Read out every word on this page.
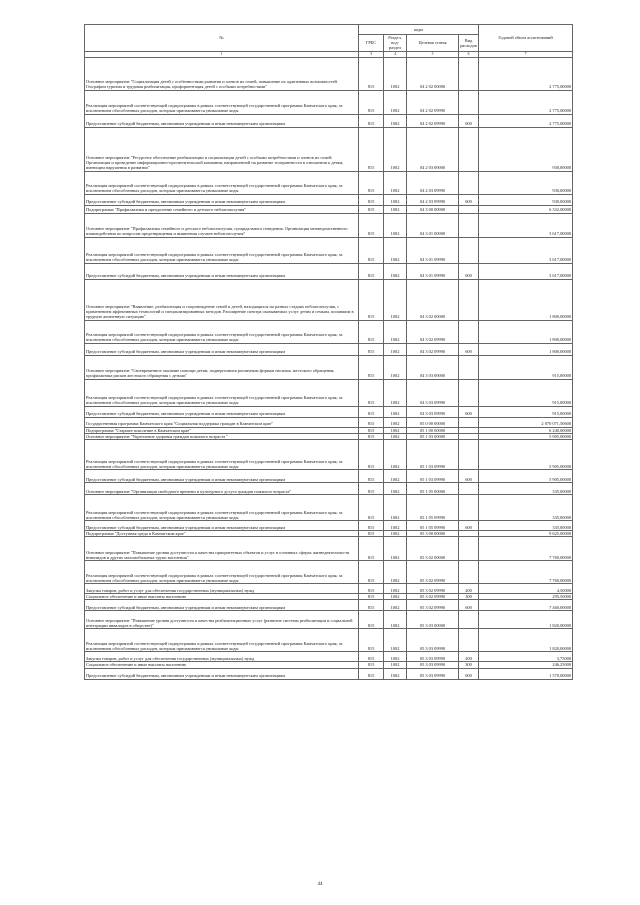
№	коды				Годовой объем ассигнований
	ГРБС	Раздел, под-раздел	Целевая статья	Вид расходов	
1	3	4	5	6	7
Основное мероприятие "Социализация детей с особенностями развития и членов их семей, повышение их адаптивных возможностей. Географии туризма и трудовая реабилитация, профориентация детей с особыми потребностями"	815	1002	04 2 02 00000		2 775,00000
Реализация мероприятий соответствующей подпрограммы в рамках соответствующей государственной программы Камчатского края, за исключением обособленных расходов, которым присваиваются уникальные коды	815	1002	04 2 02 09990		2 775,00000
Предоставление субсидий бюджетным, автономным учреждениям и иным некоммерческим организациям	815	1002	04 2 02 09990	600	2 775,00000
Основное мероприятие "Ресурсное обеспечение реабилитации и социализации детей с особыми потребностями и членов их семей. Организация и проведение информационно-просветительской кампании, направленной на развитие толерантности в отношении к детям, имеющим нарушения в развитии"	815	1002	04 2 03 00000		930,00000
Реализация мероприятий соответствующей подпрограммы в рамках соответствующей государственной программы Камчатского края, за исключением обособленных расходов, которым присваиваются уникальные коды	815	1002	04 2 03 09990		930,00000
Предоставление субсидий бюджетным, автономным учреждениям и иным некоммерческим организациям	815	1002	04 2 03 09990	600	930,00000
Подпрограмма "Профилактика и преодоление семейного и детского неблагополучия"	815	1002	04 3 00 00000		6 332,00000
Основное мероприятие "Профилактика семейного и детского неблагополучия, суицидального поведения. Организация межведомственного взаимодействия по вопросам предотвращения и выявления случаев неблагополучия"	815	1002	04 3 01 00000		3 617,00000
Реализация мероприятий соответствующей подпрограммы в рамках соответствующей государственной программы Камчатского края, за исключением обособленных расходов, которым присваиваются уникальные коды	815	1002	04 3 01 09990		3 617,00000
Предоставление субсидий бюджетным, автономным учреждениям и иным некоммерческим организациям	815	1002	04 3 01 09990	600	3 617,00000
Основное мероприятие "Выявление, реабилитация и сопровождение семей и детей, находящихся на разных стадиях неблагополучия, с применением эффективных технологий и специализированных методов. Расширение спектра оказываемых услуг детям и семьям, попавшим в трудную жизненную ситуацию"	815	1002	04 3 02 00000		1 800,00000
Реализация мероприятий соответствующей подпрограммы в рамках соответствующей государственной программы Камчатского края, за исключением обособленных расходов, которым присваиваются уникальные коды	815	1002	04 3 02 09990		1 800,00000
Предоставление субсидий бюджетным, автономным учреждениям и иным некоммерческим организациям	815	1002	04 3 02 09990	600	1 800,00000
Основное мероприятие "Своевременное оказание помощи детям, подвергшимся различным формам насилия, жестокого обращения, профилактика рисков жестокого обращения с детьми"	815	1002	04 3 03 00000		915,00000
Реализация мероприятий соответствующей подпрограммы в рамках соответствующей государственной программы Камчатского края, за исключением обособленных расходов, которым присваиваются уникальные коды	815	1002	04 3 03 09990		915,00000
Предоставление субсидий бюджетным, автономным учреждениям и иным некоммерческим организациям	815	1002	04 3 03 09990	600	915,00000
Государственная программа Камчатского края "Социальная поддержка граждан в Камчатском крае"	815	1002	05 0 00 00000		2 070 071,50600
Подпрограмма "Старшее поколение в Камчатском крае"	815	1002	05 1 00 00000		6 240,00000
Основное мероприятие "Укрепление здоровья граждан пожилого возраста "	815	1002	05 1 03 00000		5 905,00000
Реализация мероприятий соответствующей подпрограммы в рамках соответствующей государственной программы Камчатского края, за исключением обособленных расходов, которым присваиваются уникальные коды	815	1002	05 1 03 09990		5 905,00000
Предоставление субсидий бюджетным, автономным учреждениям и иным некоммерческим организациям	815	1002	05 1 03 09990	600	5 905,00000
Основное мероприятие "Организация свободного времени и культурного досуга граждан пожилого возраста"	815	1002	05 1 05 00000		335,00000
Реализация мероприятий соответствующей подпрограммы в рамках соответствующей государственной программы Камчатского края, за исключением обособленных расходов, которым присваиваются уникальные коды	815	1002	05 1 05 09990		335,00000
Предоставление субсидий бюджетным, автономным учреждениям и иным некоммерческим организациям	815	1002	05 1 05 09990	600	335,00000
Подпрограмма "Доступная среда в Камчатском крае"	815	1002	05 3 00 00000		9 625,00000
Основное мероприятие "Повышение уровня доступности к качества приоритетных объектов и услуг в основных сферах жизнедеятельности инвалидов и других маломобильных групп населения"	815	1002	05 3 02 00000		7 760,00000
Реализация мероприятий соответствующей подпрограммы в рамках соответствующей государственной программы Камчатского края, за исключением обособленных расходов, которым присваиваются уникальные коды	815	1002	05 3 02 09990		7 760,00000
Закупка товаров, работ и услуг для обеспечения государственных (муниципальных) нужд	815	1002	05 3 02 09990	200	4,50000
Социальное обеспечение и иные выплаты населению	815	1002	05 3 02 09990	300	295,50000
Предоставление субсидий бюджетным, автономным учреждениям и иным некоммерческим организациям	815	1002	05 3 02 09990	600	7 460,00000
Основное мероприятие "Повышение уровня доступности к качества реабилитационных услуг (развитие системы реабилитации и социальной интеграции инвалидов в обществе)"	815	1002	05 3 03 00000		1 820,00000
Реализация мероприятий соответствующей подпрограммы в рамках соответствующей государственной программы Камчатского края, за исключением обособленных расходов, которым присваиваются уникальные коды	815	1002	05 3 03 09990		1 820,00000
Закупка товаров, работ и услуг для обеспечения государственных (муниципальных) нужд	815	1002	05 3 03 09990	200	3,75000
Социальное обеспечение и иные выплаты населению	815	1002	05 3 03 09990	300	246,25000
Предоставление субсидий бюджетным, автономным учреждениям и иным некоммерческим организациям	815	1002	05 3 03 09990	600	1 570,00000
44
